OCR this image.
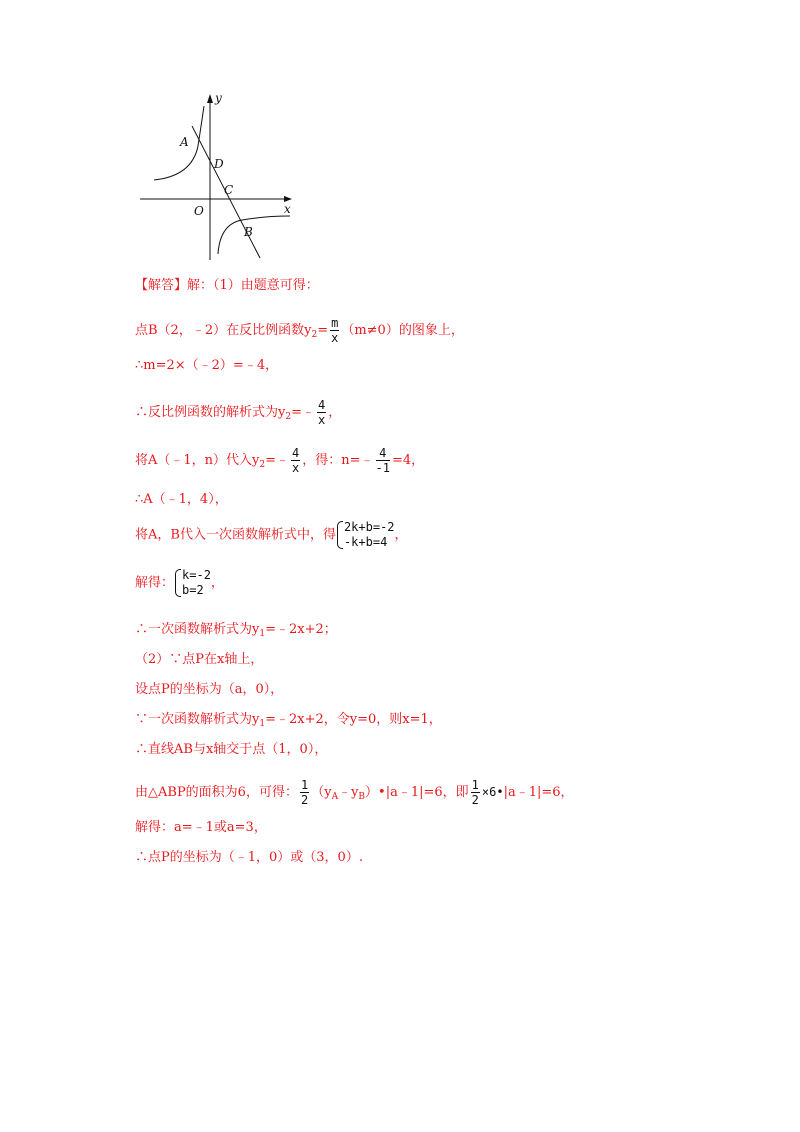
y
x
A
D
C
O
B
【解答】解：（1）由题意可得：
点B（2，﹣2）在反比例函数$y_2= \frac{m}{x} (m\ne 0)$的图象上，
∴m=2×（﹣2）=﹣4，
∴反比例函数的解析式为$y_2=﹣ \frac{4}{x}$ ，
将A（﹣1，n）代入$y_2=﹣ \frac{4}{x}$ ，得：n=﹣ $\frac{4}{-1} =4$，
∴A（﹣1，4），
将A，B代入一次函数解析式中，得
2k+b=-2
-k+b=4 ，
解得：
k=-2
b=2 ，
∴一次函数解析式为$y_1=﹣2x+2$；
（2）∵点P在x轴上，
设点P的坐标为（a，0），
∵一次函数解析式为$y_1=﹣2x+2$，令y=0，则x=1，
∴直线AB与x轴交于点（1，0），
由△ABP的面积为6，可得： $\frac{1}{2}$ $(y_A﹣y_B)•|a﹣1|=6$，即 $\frac{1}{2}$ ×6•|a﹣1|=6，
解得：a=﹣1或a=3，
∴点P的坐标为（﹣1，0）或（3，0）.
